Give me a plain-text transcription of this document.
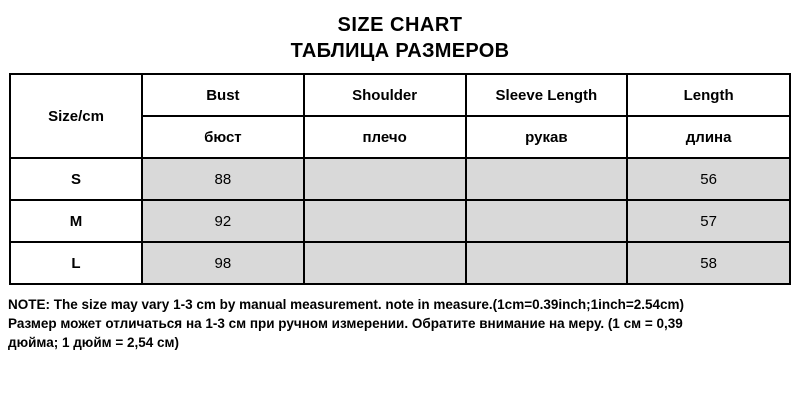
SIZE CHART
ТАБЛИЦА РАЗМЕРОВ
Size/cm	Bust	Shoulder	Sleeve Length	Length
	бюст	плечо	рукав	длина
S	88			56
M	92			57
L	98			58
NOTE: The size may vary 1-3 cm by manual measurement. note in measure.(1cm=0.39inch;1inch=2.54cm)
Размер может отличаться на 1-3 см при ручном измерении. Обратите внимание на меру. (1 см = 0,39
дюйма; 1 дюйм = 2,54 см)
